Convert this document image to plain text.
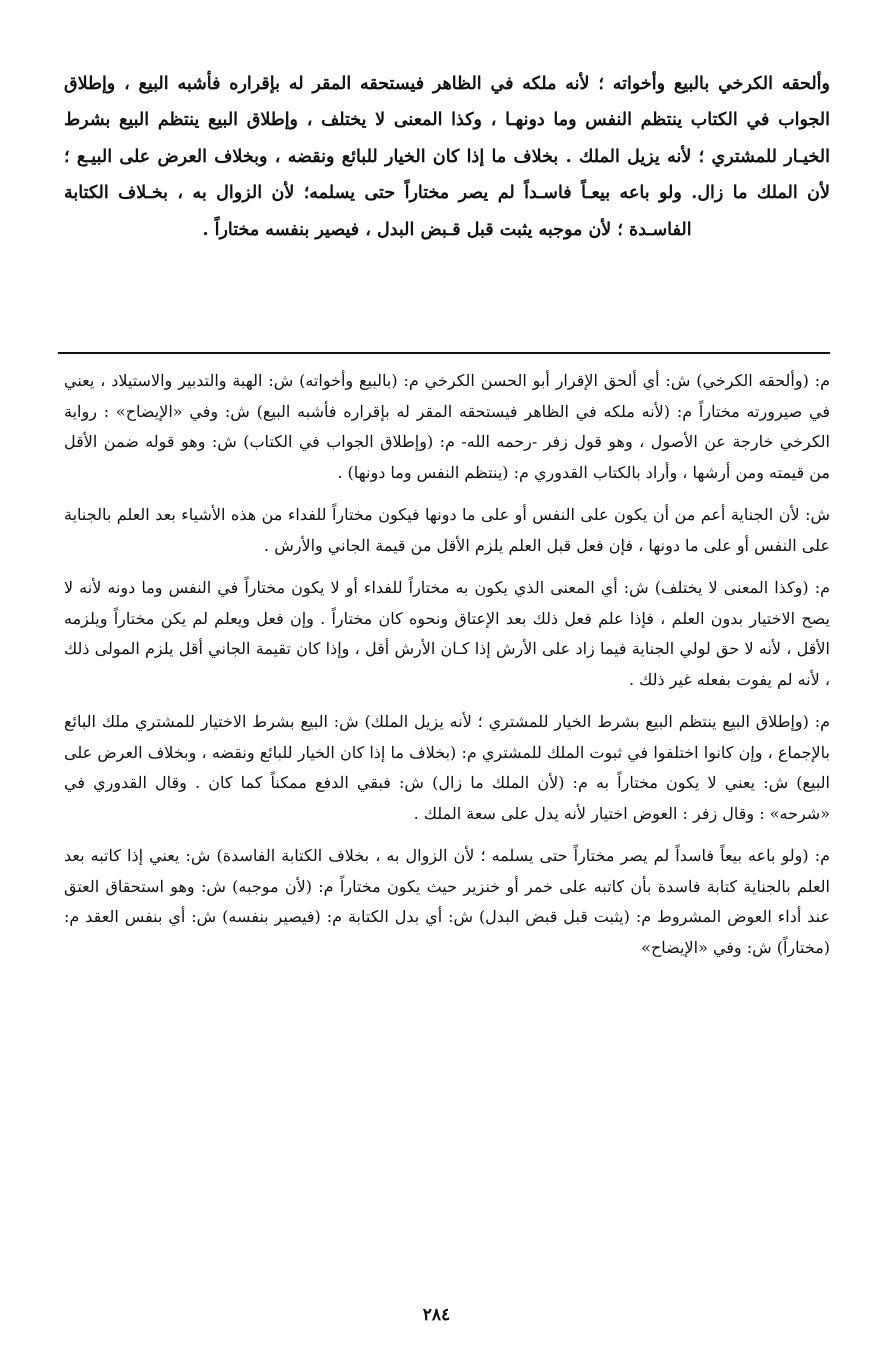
وألحقه الكرخي بالبيع وأخواته ؛ لأنه ملكه في الظاهر فيستحقه المقر له بإقراره فأشبه البيع ، وإطلاق الجواب في الكتاب ينتظم النفس وما دونهـا ، وكذا المعنى لا يختلف ، وإطلاق البيع ينتظم البيع بشرط الخيـار للمشتري ؛ لأنه يزيل الملك . بخلاف ما إذا كان الخيار للبائع ونقضه ، وبخلاف العرض على البيـع ؛ لأن الملك ما زال. ولو باعه بيعـاً فاسـداً لم يصر مختاراً حتى يسلمه؛ لأن الزوال به ، بخـلاف الكتابة الفاسـدة ؛ لأن موجبه يثبت قبل قـبض البدل ، فيصير بنفسه مختاراً .

م: (وألحقه الكرخي) ش: أي ألحق الإقرار أبو الحسن الكرخي م: (بالبيع وأخواته) ش: الهبة والتدبير والاستيلاد ، يعني في صيرورته مختاراً م: (لأنه ملكه في الظاهر فيستحقه المقر له بإقراره فأشبه البيع) ش: وفي «الإيضاح» : رواية الكرخي خارجة عن الأصول ، وهو قول زفر -رحمه الله- م: (وإطلاق الجواب في الكتاب) ش: وهو قوله ضمن الأقل من قيمته ومن أرشها ، وأراد بالكتاب القدوري م: (ينتظم النفس وما دونها) .

ش: لأن الجناية أعم من أن يكون على النفس أو على ما دونها فيكون مختاراً للفداء من هذه الأشياء بعد العلم بالجناية على النفس أو على ما دونها ، فإن فعل قبل العلم يلزم الأقل من قيمة الجاني والأرش .

م: (وكذا المعنى لا يختلف) ش: أي المعنى الذي يكون به مختاراً للفداء أو لا يكون مختاراً في النفس وما دونه لأنه لا يصح الاختيار بدون العلم ، فإذا علم فعل ذلك بعد الإعتاق ونحوه كان مختاراً . وإن فعل ويعلم لم يكن مختاراً ويلزمه الأقل ، لأنه لا حق لولي الجناية فيما زاد على الأرش إذا كـان الأرش أقل ، وإذا كان تقيمة الجاني أقل يلزم المولى ذلك ، لأنه لم يفوت بفعله غير ذلك .

م: (وإطلاق البيع ينتظم البيع بشرط الخيار للمشتري ؛ لأنه يزيل الملك) ش: البيع بشرط الاختيار للمشتري ملك البائع بالإجماع ، وإن كانوا اختلفوا في ثبوت الملك للمشتري م: (بخلاف ما إذا كان الخيار للبائع ونقضه ، وبخلاف العرض على البيع) ش: يعني لا يكون مختاراً به م: (لأن الملك ما زال) ش: فبقي الدفع ممكناً كما كان . وقال القدوري في «شرحه» : وقال زفر : العوض اختيار لأنه يدل على سعة الملك .

م: (ولو باعه بيعاً فاسداً لم يصر مختاراً حتى يسلمه ؛ لأن الزوال به ، بخلاف الكتابة الفاسدة) ش: يعني إذا كاتبه بعد العلم بالجناية كتابة فاسدة بأن كاتبه على خمر أو خنزير حيث يكون مختاراً م: (لأن موجبه) ش: وهو استحقاق العتق عند أداء العوض المشروط م: (يثبت قبل قبض البدل) ش: أي بدل الكتابة م: (فيصير بنفسه) ش: أي بنفس العقد م: (مختاراً) ش: وفي «الإيضاح»

٢٨٤
